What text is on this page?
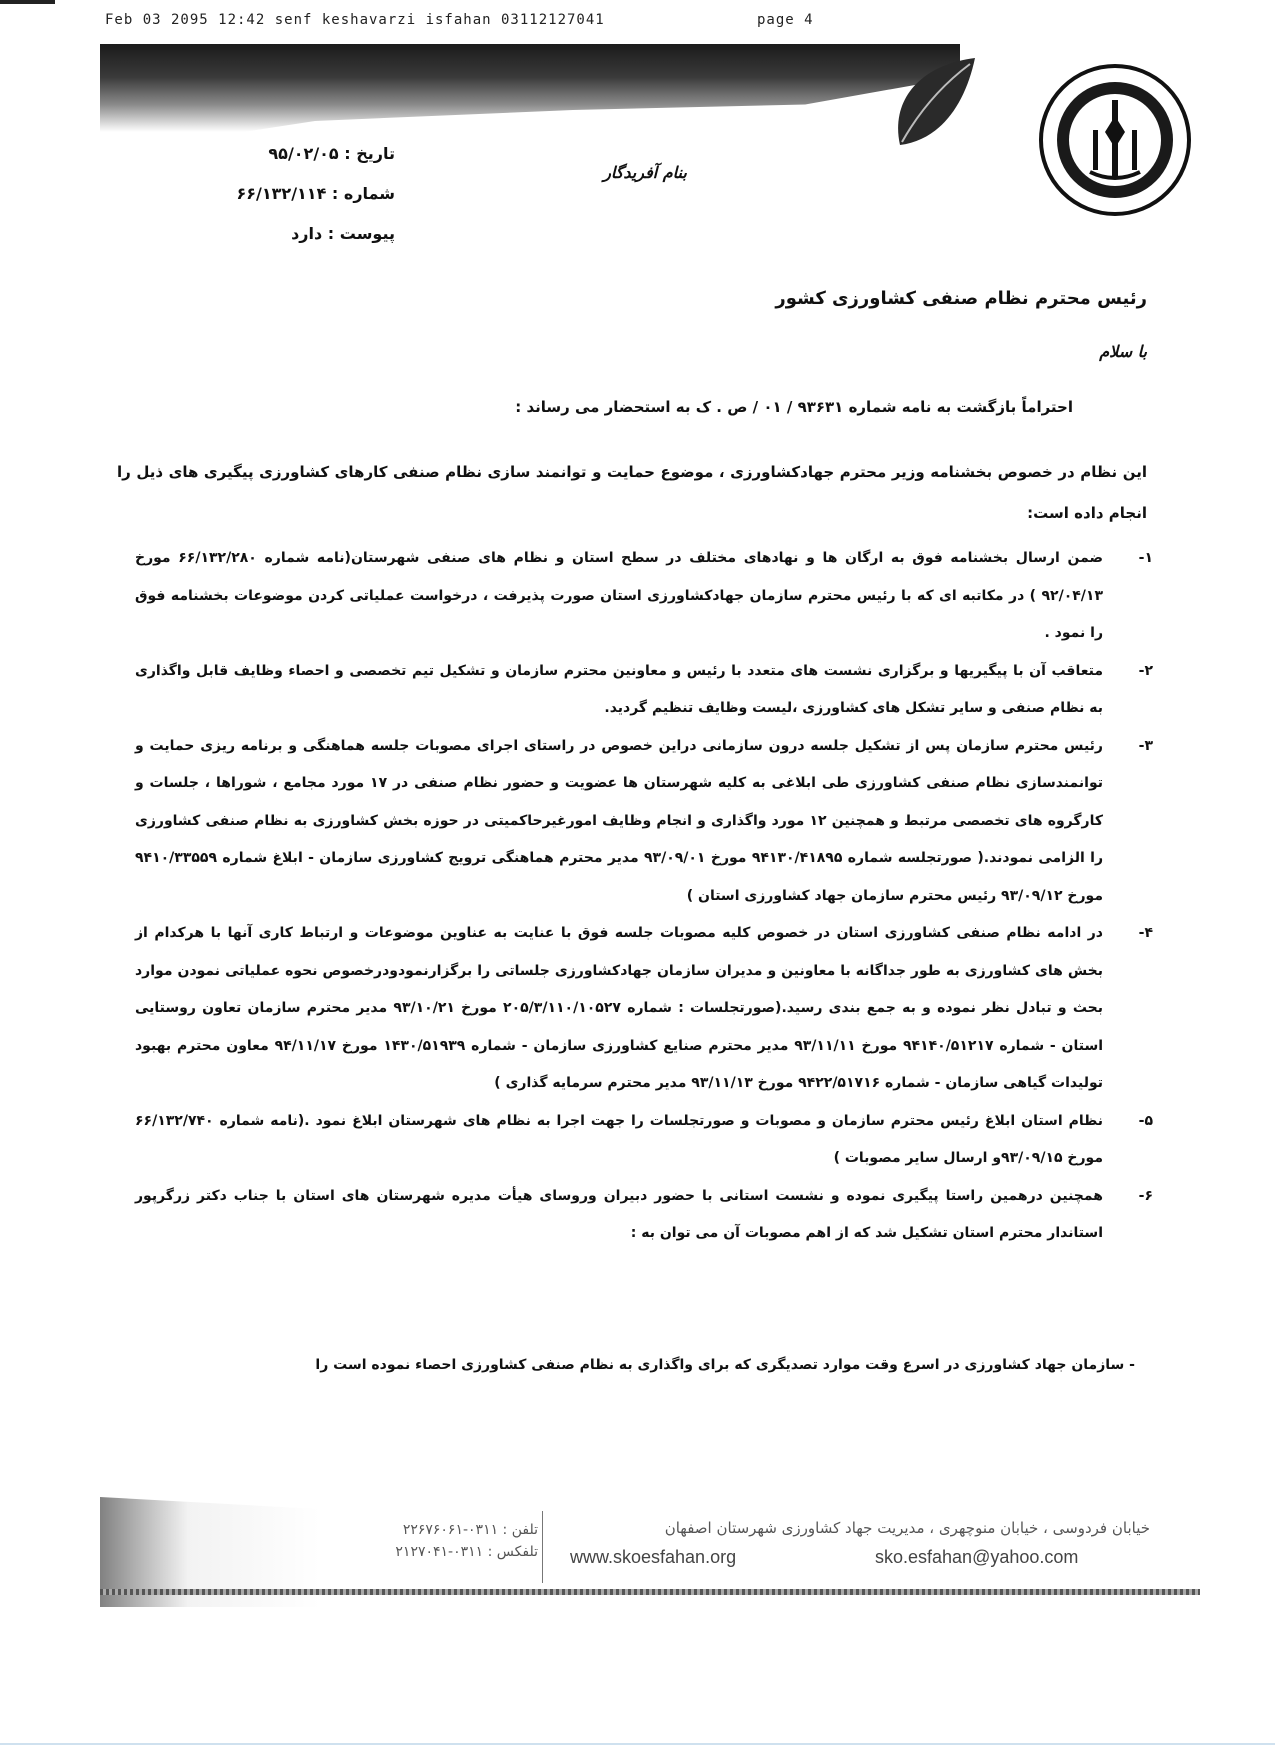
Feb 03 2095 12:42 senf keshavarzi isfahan 03112127041	page 4
تاریخ : ۹۵/۰۲/۰۵
شماره : ۶۶/۱۳۲/۱۱۴
پیوست : دارد
بنام آفریدگار
رئیس محترم نظام صنفی کشاورزی کشور
با سلام
احتراماً بازگشت به نامه شماره ۹۳۶۳۱ / ۰۱ / ص . ک به استحضار می رساند :
این نظام در خصوص بخشنامه وزیر محترم جهادکشاورزی ، موضوع حمایت و توانمند سازی نظام صنفی کارهای کشاورزی پیگیری های ذیل را انجام داده است:
۱-
ضمن ارسال بخشنامه فوق به ارگان ها و نهادهای مختلف در سطح استان و نظام های صنفی شهرستان(نامه شماره ۶۶/۱۳۲/۲۸۰ مورخ ۹۲/۰۴/۱۳ ) در مکاتبه ای که با رئیس محترم سازمان جهادکشاورزی استان صورت پذیرفت ، درخواست عملیاتی کردن موضوعات بخشنامه فوق را نمود .
۲-
متعاقب آن با پیگیریها و برگزاری نشست های متعدد با رئیس و معاونین محترم سازمان و تشکیل تیم تخصصی و احصاء وظایف قابل واگذاری به نظام صنفی و سایر تشکل های کشاورزی ،لیست وظایف تنظیم گردید.
۳-
رئیس محترم سازمان پس از تشکیل جلسه درون سازمانی دراین خصوص در راستای اجرای مصوبات جلسه هماهنگی و برنامه ریزی حمایت و توانمندسازی نظام صنفی کشاورزی طی ابلاغی به کلیه شهرستان ها عضویت و حضور نظام صنفی در ۱۷ مورد مجامع ، شوراها ، جلسات و کارگروه های تخصصی مرتبط و همچنین ۱۲ مورد واگذاری و انجام وظایف امورغیرحاکمیتی در حوزه بخش کشاورزی به نظام صنفی کشاورزی را الزامی نمودند.( صورتجلسه شماره ۹۴۱۳۰/۴۱۸۹۵ مورخ ۹۳/۰۹/۰۱ مدیر محترم هماهنگی ترویج کشاورزی سازمان - ابلاغ شماره ۹۴۱۰/۳۳۵۵۹ مورخ ۹۳/۰۹/۱۲ رئیس محترم سازمان جهاد کشاورزی استان )
۴-
در ادامه نظام صنفی کشاورزی استان در خصوص کلیه مصوبات جلسه فوق با عنایت به عناوین موضوعات و ارتباط کاری آنها با هرکدام از بخش های کشاورزی به طور جداگانه با معاونین و مدیران سازمان جهادکشاورزی جلساتی را برگزارنمودودرخصوص نحوه عملیاتی نمودن موارد بحث و تبادل نظر نموده و به جمع بندی رسید.(صورتجلسات : شماره ۲۰۵/۳/۱۱۰/۱۰۵۲۷ مورخ ۹۳/۱۰/۲۱ مدیر محترم سازمان تعاون روستایی استان - شماره ۹۴۱۴۰/۵۱۲۱۷ مورخ ۹۳/۱۱/۱۱ مدیر محترم صنایع کشاورزی سازمان - شماره ۱۴۳۰/۵۱۹۳۹ مورخ ۹۴/۱۱/۱۷ معاون محترم بهبود تولیدات گیاهی سازمان - شماره ۹۴۲۲/۵۱۷۱۶ مورخ ۹۳/۱۱/۱۳ مدیر محترم سرمایه گذاری )
۵-
نظام استان ابلاغ رئیس محترم سازمان و مصوبات و صورتجلسات را جهت اجرا به نظام های شهرستان ابلاغ نمود .(نامه شماره ۶۶/۱۳۲/۷۴۰ مورخ ۹۳/۰۹/۱۵و ارسال سایر مصوبات )
۶-
همچنین درهمین راستا پیگیری نموده و نشست استانی با حضور دبیران وروسای هیأت مدیره شهرستان های استان با جناب دکتر زرگرپور استاندار محترم استان تشکیل شد که از اهم مصوبات آن می توان به :
- سازمان جهاد کشاورزی در اسرع وقت موارد تصدیگری که برای واگذاری به نظام صنفی کشاورزی احصاء نموده است را
تلفن : ۰۳۱۱-۲۲۶۷۶۰۶۱
تلفکس : ۰۳۱۱-۲۱۲۷۰۴۱
خیابان فردوسی ، خیابان منوچهری ، مدیریت جهاد کشاورزی شهرستان اصفهان
www.skoesfahan.org	sko.esfahan@yahoo.com
